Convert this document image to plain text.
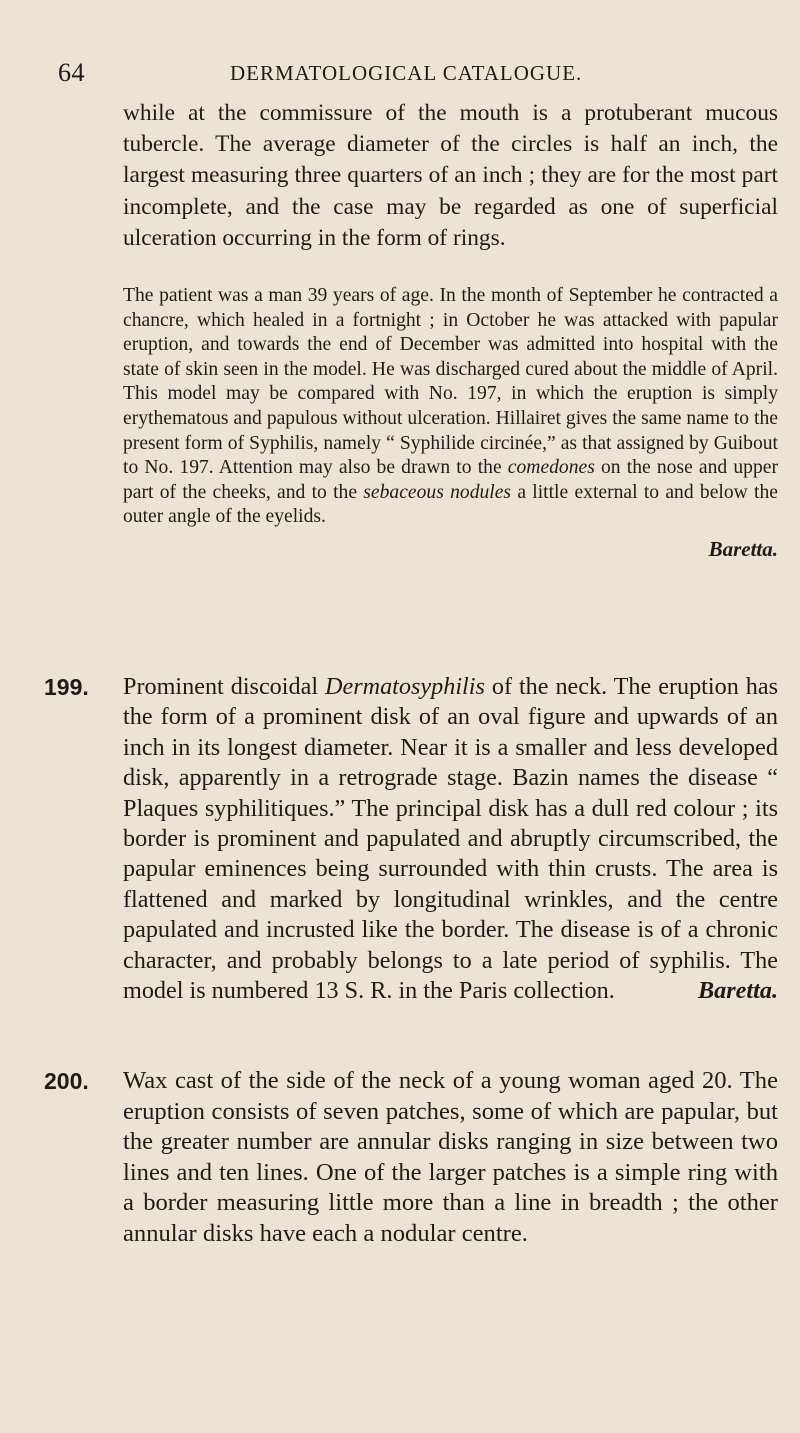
64	DERMATOLOGICAL CATALOGUE.

while at the commissure of the mouth is a protuberant mucous tubercle. The average diameter of the circles is half an inch, the largest measuring three quarters of an inch ; they are for the most part incomplete, and the case may be regarded as one of superficial ulceration occurring in the form of rings.

The patient was a man 39 years of age. In the month of September he contracted a chancre, which healed in a fortnight ; in October he was attacked with papular eruption, and towards the end of December was admitted into hospital with the state of skin seen in the model. He was discharged cured about the middle of April. This model may be compared with No. 197, in which the eruption is simply erythematous and papulous without ulceration. Hillairet gives the same name to the present form of Syphilis, namely “ Syphilide circinée,” as that assigned by Guibout to No. 197. Attention may also be drawn to the comedones on the nose and upper part of the cheeks, and to the sebaceous nodules a little external to and below the outer angle of the eyelids.

Baretta.
199. Prominent discoidal Dermatosyphilis of the neck. The eruption has the form of a prominent disk of an oval figure and upwards of an inch in its longest diameter. Near it is a smaller and less developed disk, apparently in a retrograde stage. Bazin names the disease “ Plaques syphilitiques.” The principal disk has a dull red colour ; its border is prominent and papulated and abruptly circumscribed, the papular eminences being surrounded with thin crusts. The area is flattened and marked by longitudinal wrinkles, and the centre papulated and incrusted like the border. The disease is of a chronic character, and probably belongs to a late period of syphilis. The model is numbered 13 S. R. in the Paris collection.	Baretta.

200. Wax cast of the side of the neck of a young woman aged 20. The eruption consists of seven patches, some of which are papular, but the greater number are annular disks ranging in size between two lines and ten lines. One of the larger patches is a simple ring with a border measuring little more than a line in breadth ; the other annular disks have each a nodular centre.
